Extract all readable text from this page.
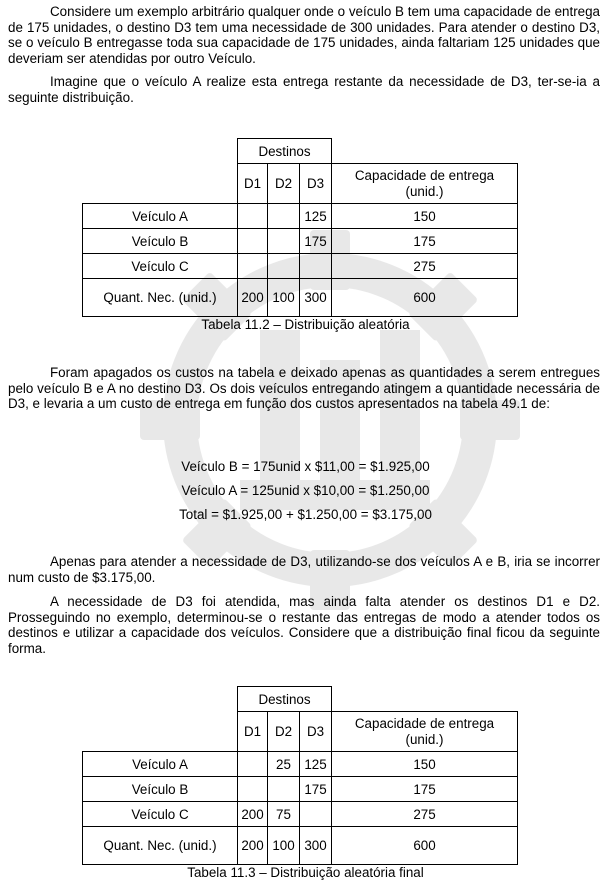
Considere um exemplo arbitrário qualquer onde o veículo B tem uma capacidade de entrega de 175 unidades, o destino D3 tem uma necessidade de 300 unidades. Para atender o destino D3, se o veículo B entregasse toda sua capacidade de 175 unidades, ainda faltariam 125 unidades que deveriam ser atendidas por outro Veículo.

Imagine que o veículo A realize esta entrega restante da necessidade de D3, ter-se-ia a seguinte distribuição.

	Destinos			
	D1	D2	D3	Capacidade de entrega (unid.)
Veículo A			125	150
Veículo B			175	175
Veículo C				275
Quant. Nec. (unid.)	200	100	300	600

Tabela 11.2 – Distribuição aleatória

Foram apagados os custos na tabela e deixado apenas as quantidades a serem entregues pelo veículo B e A no destino D3. Os dois veículos entregando atingem a quantidade necessária de D3, e levaria a um custo de entrega em função dos custos apresentados na tabela 49.1 de:

Veículo B = 175unid x $11,00 = $1.925,00

Veículo A = 125unid x $10,00 = $1.250,00

Total = $1.925,00 + $1.250,00 = $3.175,00

Apenas para atender a necessidade de D3, utilizando-se dos veículos A e B, iria se incorrer num custo de $3.175,00.

A necessidade de D3 foi atendida, mas ainda falta atender os destinos D1 e D2. Prosseguindo no exemplo, determinou-se o restante das entregas de modo a atender todos os destinos e utilizar a capacidade dos veículos. Considere que a distribuição final ficou da seguinte forma.

	Destinos			
	D1	D2	D3	Capacidade de entrega (unid.)
Veículo A		25	125	150
Veículo B			175	175
Veículo C	200	75		275
Quant. Nec. (unid.)	200	100	300	600

Tabela 11.3 – Distribuição aleatória final
